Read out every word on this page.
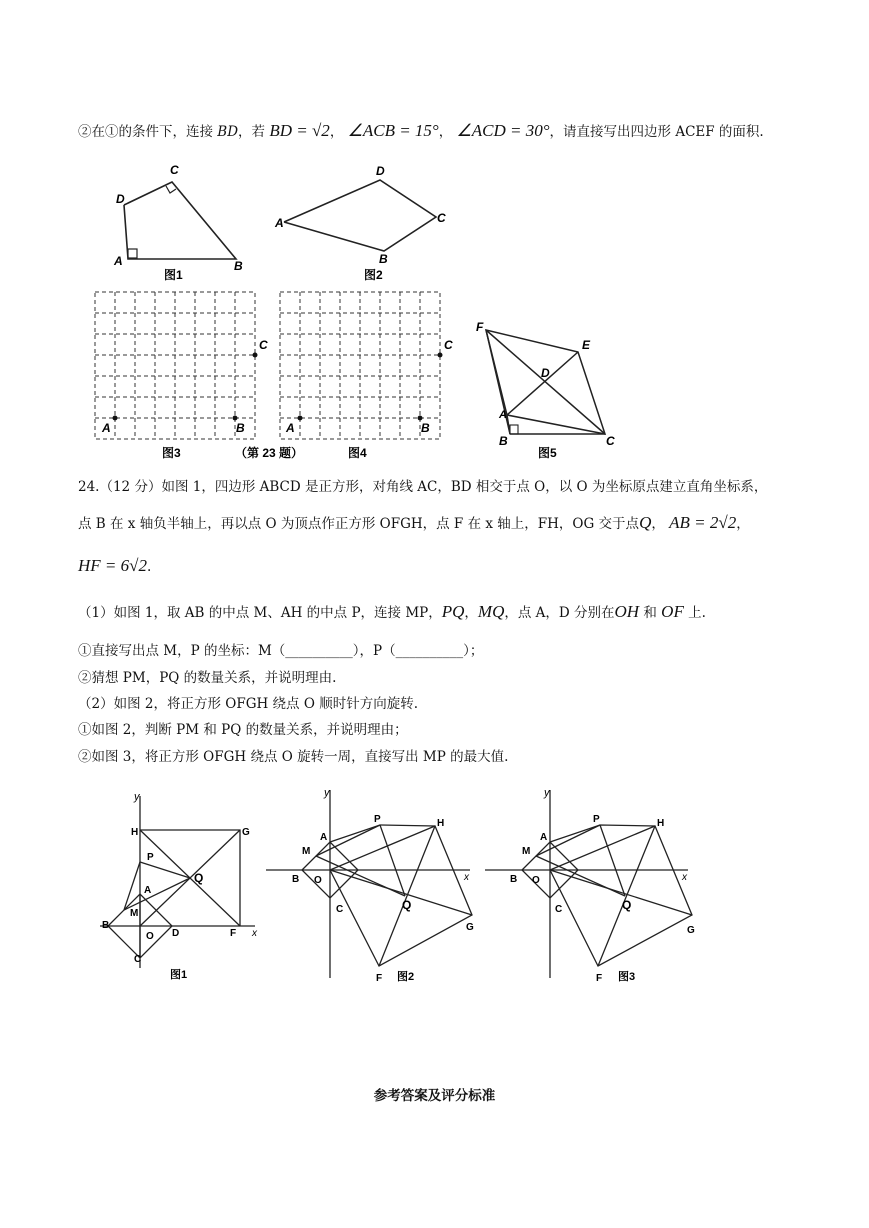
②在①的条件下，连接 BD，若 BD = √2， ∠ACB = 15°， ∠ACD = 30°，请直接写出四边形 ACEF 的面积.
D
C
A	B
图1
A
D
C
B
图2
C
A	B
图3	（第 23 题）
C
A	B
图4
F
E
D
A
B	C
图5
24.（12 分）如图 1，四边形 ABCD 是正方形，对角线 AC，BD 相交于点 O，以 O 为坐标原点建立直角坐标系，
点 B 在 x 轴负半轴上，再以点 O 为顶点作正方形 OFGH，点 F 在 x 轴上，FH，OG 交于点Q， AB = 2√2，
HF = 6√2.
（1）如图 1，取 AB 的中点 M、AH 的中点 P，连接 MP，PQ，MQ，点 A，D 分别在OH 和 OF 上.
①直接写出点 M，P 的坐标：M（__________），P（__________）；
②猜想 PM，PQ 的数量关系，并说明理由.
（2）如图 2，将正方形 OFGH 绕点 O 顺时针方向旋转.
①如图 2，判断 PM 和 PQ 的数量关系，并说明理由；
②如图 3，将正方形 OFGH 绕点 O 旋转一周，直接写出 MP 的最大值.
y
H	G
P
Q
A
M
B
D
O
C
F x
图1
y
A
P	H
M
B O
C	Q
G
F
x
图2
y
A
P	H
M
B O
C	Q
G
F
x
图3
参考答案及评分标准
